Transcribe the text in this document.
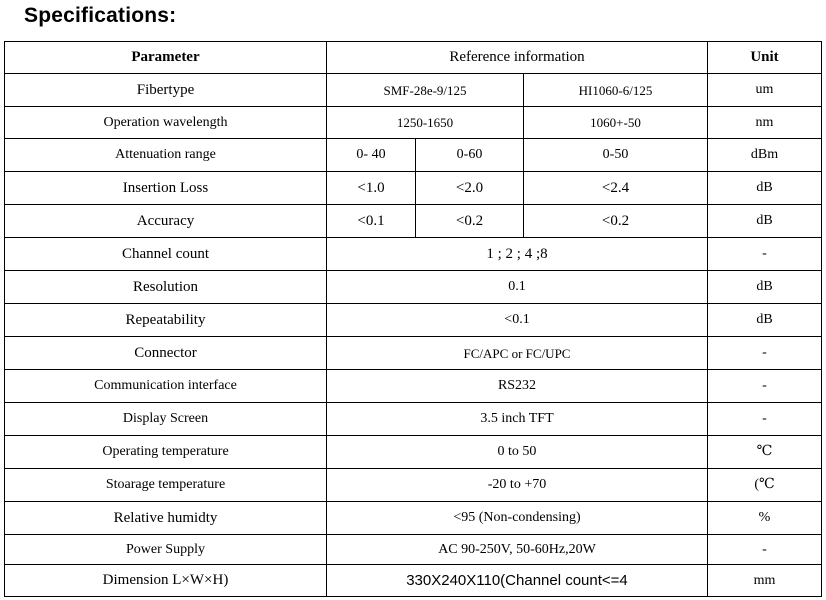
Specifications:
Parameter	Reference information			Unit
Fibertype	SMF-28e-9/125		HI1060-6/125	um
Operation wavelength	1250-1650		1060+-50	nm
Attenuation range	0- 40	0-60	0-50	dBm
Insertion Loss	<1.0	<2.0	<2.4	dB
Accuracy	<0.1	<0.2	<0.2	dB
Channel count	1 ; 2 ; 4 ;8			-
Resolution	0.1			dB
Repeatability	<0.1			dB
Connector	FC/APC or FC/UPC			-
Communication interface	RS232			-
Display Screen	3.5 inch TFT			-
Operating temperature	0 to 50			℃
Stoarage temperature	-20 to +70			(℃
Relative humidty	<95 (Non-condensing)			%
Power Supply	AC 90-250V, 50-60Hz,20W			-
Dimension L×W×H)	330X240X110(Channel count<=4			mm
